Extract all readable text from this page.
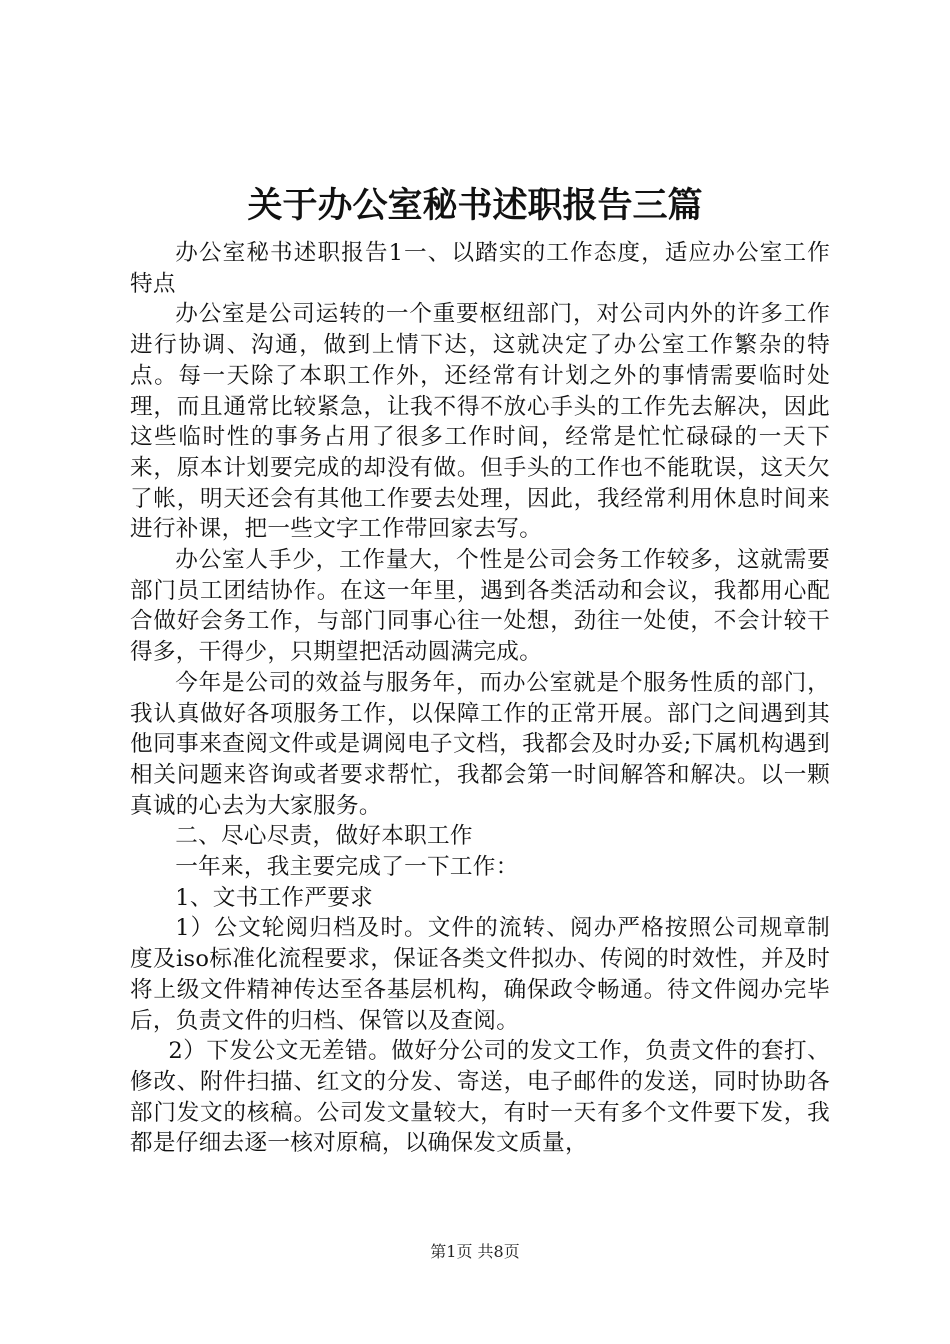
关于办公室秘书述职报告三篇

办公室秘书述职报告1一、以踏实的工作态度，适应办公室工作特点

办公室是公司运转的一个重要枢纽部门，对公司内外的许多工作进行协调、沟通，做到上情下达，这就决定了办公室工作繁杂的特点。每一天除了本职工作外，还经常有计划之外的事情需要临时处理，而且通常比较紧急，让我不得不放心手头的工作先去解决，因此这些临时性的事务占用了很多工作时间，经常是忙忙碌碌的一天下来，原本计划要完成的却没有做。但手头的工作也不能耽误，这天欠了帐，明天还会有其他工作要去处理，因此，我经常利用休息时间来进行补课，把一些文字工作带回家去写。

办公室人手少，工作量大，个性是公司会务工作较多，这就需要部门员工团结协作。在这一年里，遇到各类活动和会议，我都用心配合做好会务工作，与部门同事心往一处想，劲往一处使，不会计较干得多，干得少，只期望把活动圆满完成。

今年是公司的效益与服务年，而办公室就是个服务性质的部门，我认真做好各项服务工作，以保障工作的正常开展。部门之间遇到其他同事来查阅文件或是调阅电子文档，我都会及时办妥;下属机构遇到相关问题来咨询或者要求帮忙，我都会第一时间解答和解决。以一颗真诚的心去为大家服务。

二、尽心尽责，做好本职工作

一年来，我主要完成了一下工作：

1、文书工作严要求

1）公文轮阅归档及时。文件的流转、阅办严格按照公司规章制度及iso标准化流程要求，保证各类文件拟办、传阅的时效性，并及时将上级文件精神传达至各基层机构，确保政令畅通。待文件阅办完毕后，负责文件的归档、保管以及查阅。

2）下发公文无差错。做好分公司的发文工作，负责文件的套打、修改、附件扫描、红文的分发、寄送，电子邮件的发送，同时协助各部门发文的核稿。公司发文量较大，有时一天有多个文件要下发，我都是仔细去逐一核对原稿，以确保发文质量，

第1页 共8页
